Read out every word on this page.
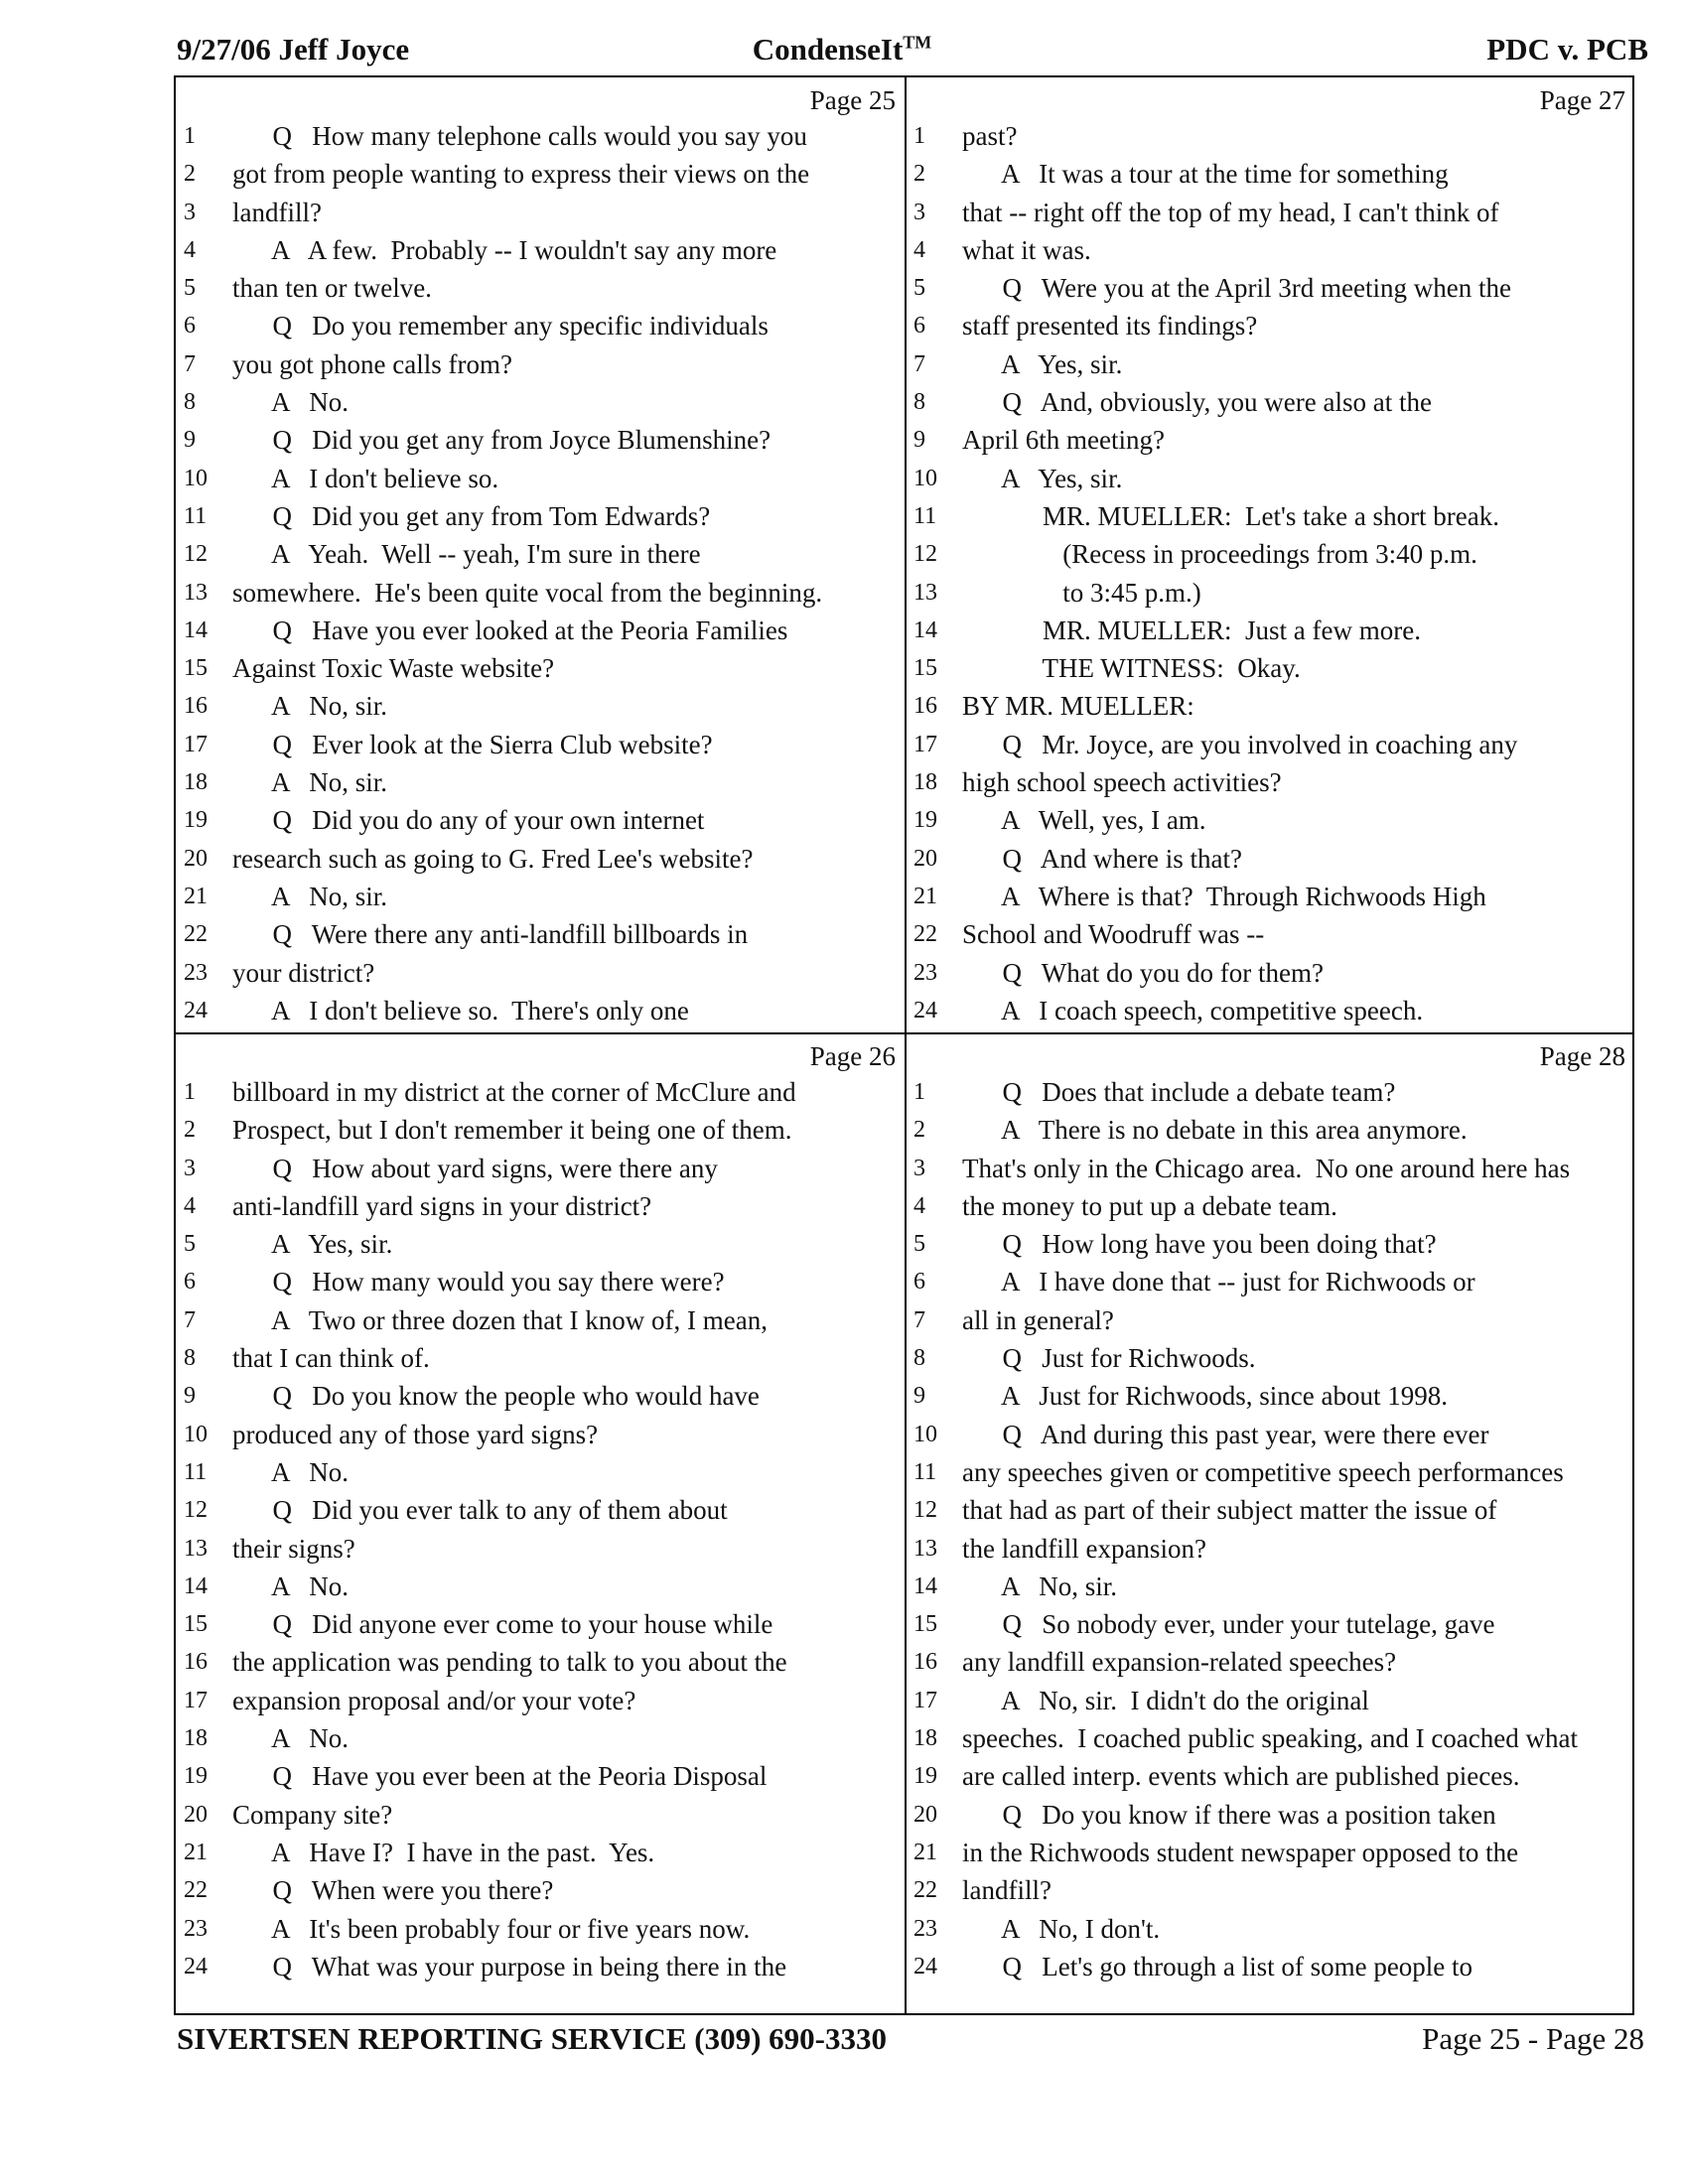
9/27/06 Jeff Joyce	CondenseIt™	PDC v. PCB
Page 25
1	Q   How many telephone calls would you say you
2	got from people wanting to express their views on the
3	landfill?
4	A   A few.  Probably -- I wouldn't say any more
5	than ten or twelve.
6	Q   Do you remember any specific individuals
7	you got phone calls from?
8	A   No.
9	Q   Did you get any from Joyce Blumenshine?
10 A   I don't believe so.
11 Q   Did you get any from Tom Edwards?
12 A   Yeah.  Well -- yeah, I'm sure in there
13 somewhere.  He's been quite vocal from the beginning.
14 Q   Have you ever looked at the Peoria Families
15 Against Toxic Waste website?
16 A   No, sir.
17 Q   Ever look at the Sierra Club website?
18 A   No, sir.
19 Q   Did you do any of your own internet
20 research such as going to G. Fred Lee's website?
21 A   No, sir.
22 Q   Were there any anti-landfill billboards in
23 your district?
24 A   I don't believe so.  There's only one
Page 27
1	past?
2	A   It was a tour at the time for something
3	that -- right off the top of my head, I can't think of
4	what it was.
5	Q   Were you at the April 3rd meeting when the
6	staff presented its findings?
7	A   Yes, sir.
8	Q   And, obviously, you were also at the
9	April 6th meeting?
10 A   Yes, sir.
11 MR. MUELLER:  Let's take a short break.
12 (Recess in proceedings from 3:40 p.m.
13 to 3:45 p.m.)
14 MR. MUELLER:  Just a few more.
15 THE WITNESS:  Okay.
16 BY MR. MUELLER:
17 Q   Mr. Joyce, are you involved in coaching any
18 high school speech activities?
19 A   Well, yes, I am.
20 Q   And where is that?
21 A   Where is that?  Through Richwoods High
22 School and Woodruff was --
23 Q   What do you do for them?
24 A   I coach speech, competitive speech.
Page 26
1	billboard in my district at the corner of McClure and
2	Prospect, but I don't remember it being one of them.
3	Q   How about yard signs, were there any
4	anti-landfill yard signs in your district?
5	A   Yes, sir.
6	Q   How many would you say there were?
7	A   Two or three dozen that I know of, I mean,
8	that I can think of.
9	Q   Do you know the people who would have
10 produced any of those yard signs?
11 A   No.
12 Q   Did you ever talk to any of them about
13 their signs?
14 A   No.
15 Q   Did anyone ever come to your house while
16 the application was pending to talk to you about the
17 expansion proposal and/or your vote?
18 A   No.
19 Q   Have you ever been at the Peoria Disposal
20 Company site?
21 A   Have I?  I have in the past.  Yes.
22 Q   When were you there?
23 A   It's been probably four or five years now.
24 Q   What was your purpose in being there in the
Page 28
1	Q   Does that include a debate team?
2	A   There is no debate in this area anymore.
3	That's only in the Chicago area.  No one around here has
4	the money to put up a debate team.
5	Q   How long have you been doing that?
6	A   I have done that -- just for Richwoods or
7	all in general?
8	Q   Just for Richwoods.
9	A   Just for Richwoods, since about 1998.
10 Q   And during this past year, were there ever
11 any speeches given or competitive speech performances
12 that had as part of their subject matter the issue of
13 the landfill expansion?
14 A   No, sir.
15 Q   So nobody ever, under your tutelage, gave
16 any landfill expansion-related speeches?
17 A   No, sir.  I didn't do the original
18 speeches.  I coached public speaking, and I coached what
19 are called interp. events which are published pieces.
20 Q   Do you know if there was a position taken
21 in the Richwoods student newspaper opposed to the
22 landfill?
23 A   No, I don't.
24 Q   Let's go through a list of some people to
SIVERTSEN REPORTING SERVICE (309) 690-3330	Page 25 - Page 28
